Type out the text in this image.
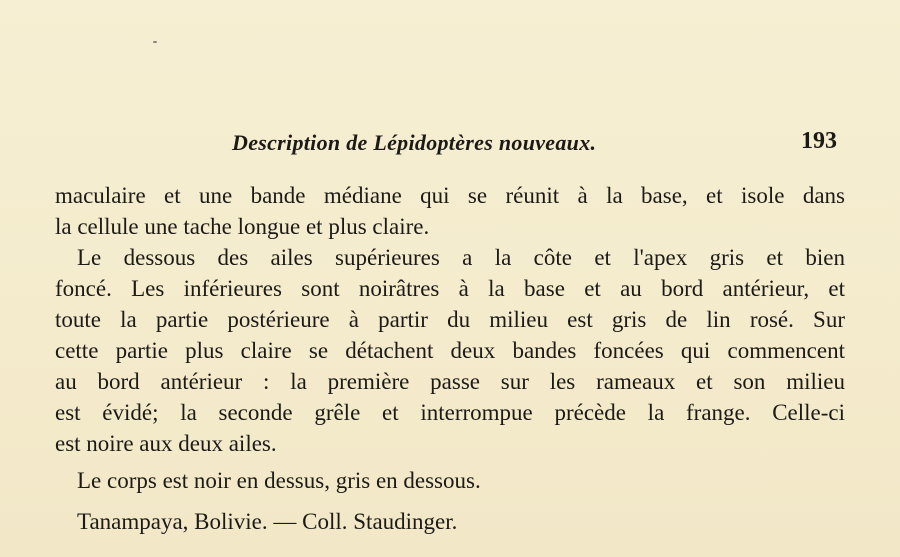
Description de Lépidoptères nouveaux.	193
maculaire et une bande médiane qui se réunit à la base, et isole dans
la cellule une tache longue et plus claire.
Le dessous des ailes supérieures a la côte et l'apex gris et bien
foncé. Les inférieures sont noirâtres à la base et au bord antérieur, et
toute la partie postérieure à partir du milieu est gris de lin rosé. Sur
cette partie plus claire se détachent deux bandes foncées qui commencent
au bord antérieur : la première passe sur les rameaux et son milieu
est évidé; la seconde grêle et interrompue précède la frange. Celle-ci
est noire aux deux ailes.
Le corps est noir en dessus, gris en dessous.
Tanampaya, Bolivie. — Coll. Staudinger.
